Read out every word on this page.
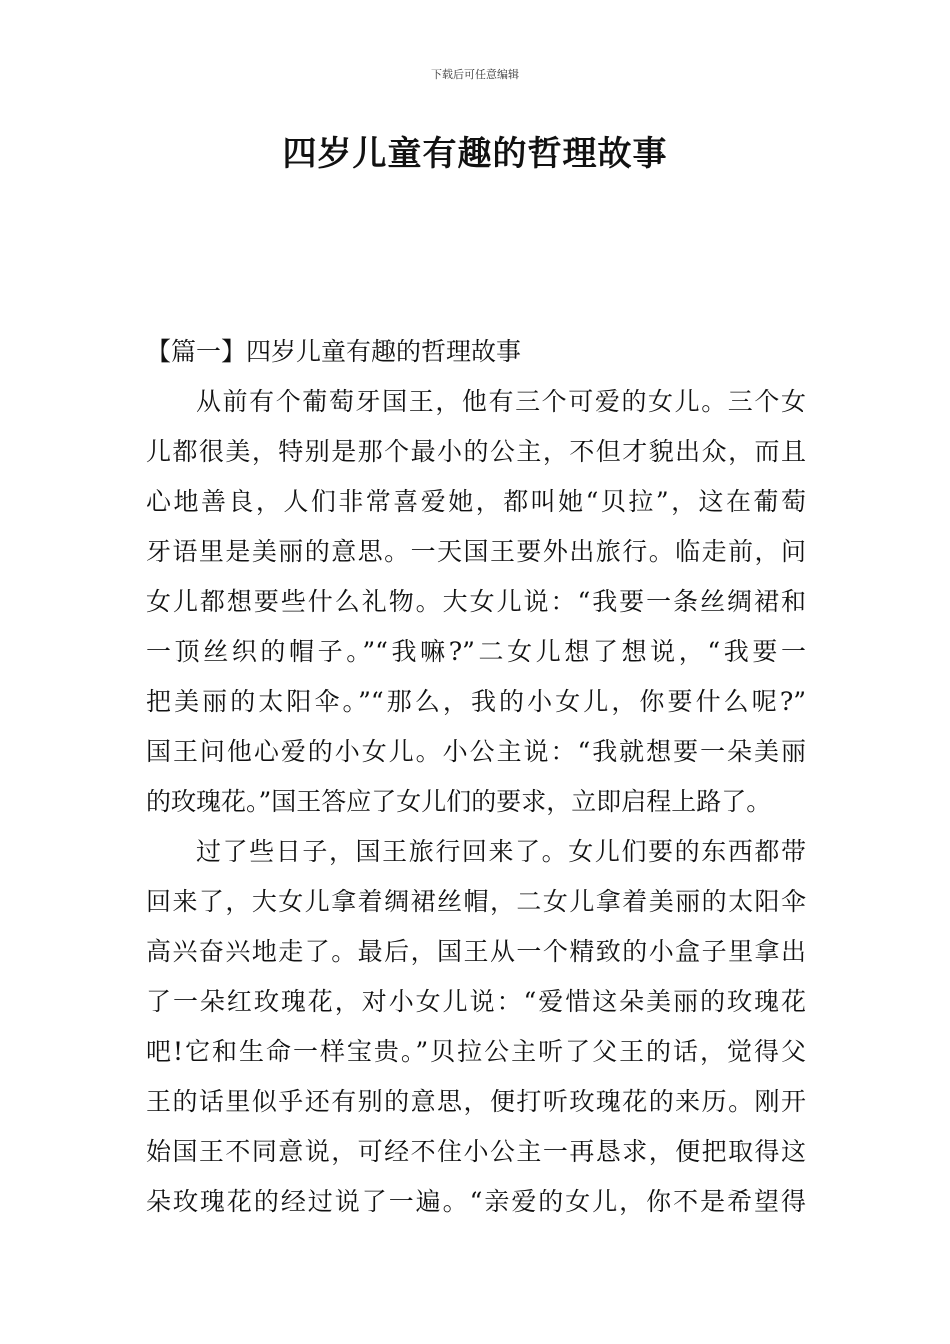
下载后可任意编辑
四岁儿童有趣的哲理故事
【篇一】四岁儿童有趣的哲理故事
从前有个葡萄牙国王，他有三个可爱的女儿。三个女
儿都很美，特别是那个最小的公主，不但才貌出众，而且
心地善良，人们非常喜爱她，都叫她“贝拉”，这在葡萄
牙语里是美丽的意思。一天国王要外出旅行。临走前，问
女儿都想要些什么礼物。大女儿说：“我要一条丝绸裙和
一顶丝织的帽子。”“我嘛?”二女儿想了想说，“我要一
把美丽的太阳伞。”“那么，我的小女儿，你要什么呢?”
国王问他心爱的小女儿。小公主说：“我就想要一朵美丽
的玫瑰花。”国王答应了女儿们的要求，立即启程上路了。
过了些日子，国王旅行回来了。女儿们要的东西都带
回来了，大女儿拿着绸裙丝帽，二女儿拿着美丽的太阳伞
高兴奋兴地走了。最后，国王从一个精致的小盒子里拿出
了一朵红玫瑰花，对小女儿说：“爱惜这朵美丽的玫瑰花
吧!它和生命一样宝贵。”贝拉公主听了父王的话，觉得父
王的话里似乎还有别的意思，便打听玫瑰花的来历。刚开
始国王不同意说，可经不住小公主一再恳求，便把取得这
朵玫瑰花的经过说了一遍。“亲爱的女儿，你不是希望得
